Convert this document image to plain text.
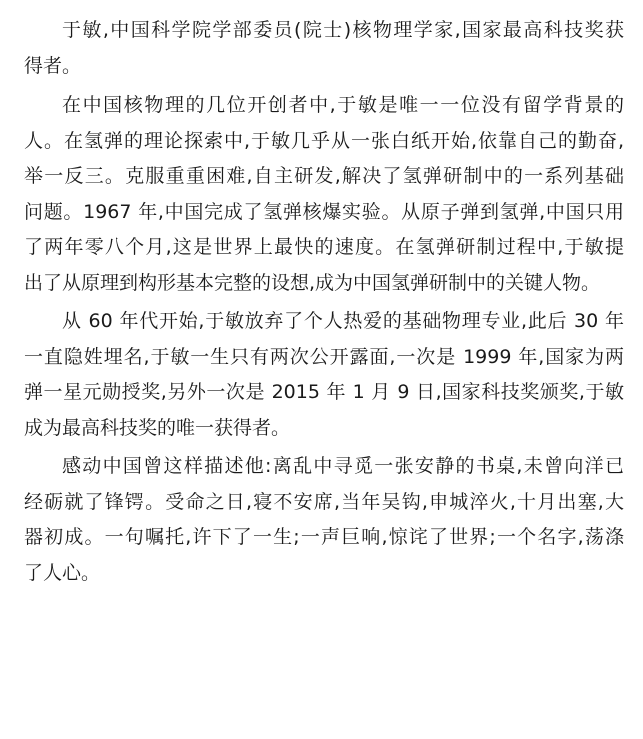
于敏,中国科学院学部委员(院士)核物理学家,国家最高科技奖获
得者。
在中国核物理的几位开创者中,于敏是唯一一位没有留学背景的
人。在氢弹的理论探索中,于敏几乎从一张白纸开始,依靠自己的勤奋,
举一反三。克服重重困难,自主研发,解决了氢弹研制中的一系列基础
问题。1967 年,中国完成了氢弹核爆实验。从原子弹到氢弹,中国只用
了两年零八个月,这是世界上最快的速度。在氢弹研制过程中,于敏提
出了从原理到构形基本完整的设想,成为中国氢弹研制中的关键人物。
从 60 年代开始,于敏放弃了个人热爱的基础物理专业,此后 30 年
一直隐姓埋名,于敏一生只有两次公开露面,一次是 1999 年,国家为两
弹一星元勋授奖,另外一次是 2015 年 1 月 9 日,国家科技奖颁奖,于敏
成为最高科技奖的唯一获得者。
感动中国曾这样描述他:离乱中寻觅一张安静的书桌,未曾向洋已
经砺就了锋锷。受命之日,寝不安席,当年吴钩,申城淬火,十月出塞,大
器初成。一句嘱托,许下了一生;一声巨响,惊诧了世界;一个名字,荡涤
了人心。
